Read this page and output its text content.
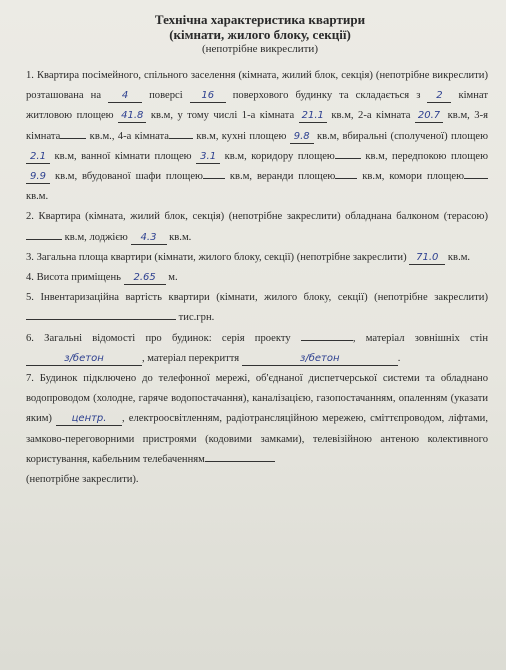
Технічна характеристика квартири

(кімнати, жилого блоку, секції)

(непотрібне викреслити)

1. Квартира посімейного, спільного заселення (кімната, жилий блок, секція) (непотрібне викреслити) розташована на 4 поверсі 16 поверхового будинку та складається з 2 кімнат житловою площею 41.8 кв.м, у тому числі 1-а кімната 21.1 кв.м, 2-а кімната 20.7 кв.м, 3-я кімната кв.м., 4-а кімната кв.м, кухні площею 9.8 кв.м, вбиральні (сполученої) площею 2.1 кв.м, ванної кімнати площею 3.1 кв.м, коридору площею кв.м, передпокою площею 9.9 кв.м, вбудованої шафи площею кв.м, веранди площею кв.м, комори площею кв.м.

2. Квартира (кімната, жилий блок, секція) (непотрібне закреслити) обладнана балконом (терасою)  кв.м, лоджією 4.3 кв.м.

3. Загальна площа квартири (кімнати, жилого блоку, секції) (непотрібне закреслити) 71.0 кв.м.

4. Висота приміщень 2.65 м.

5. Інвентаризаційна вартість квартири (кімнати, жилого блоку, секції) (непотрібне закреслити) тис.грн.

6. Загальні відомості про будинок: серія проекту	, матеріал зовнішніх стін з/бетон	, матеріал перекриття	з/бетон	.

7. Будинок підключено до телефонної мережі, об'єднаної диспетчерської системи та обладнано водопроводом (холодне, гаряче водопостачання), каналізацією, газопостачанням, опаленням (указати яким) центр. , електроосвітленням, радіотрансляційною мережею, сміттєпроводом, ліфтами, замково-переговорними пристроями (кодовими замками), телевізійною антеною колективного користування, кабельним телебаченням
(непотрібне закреслити).
